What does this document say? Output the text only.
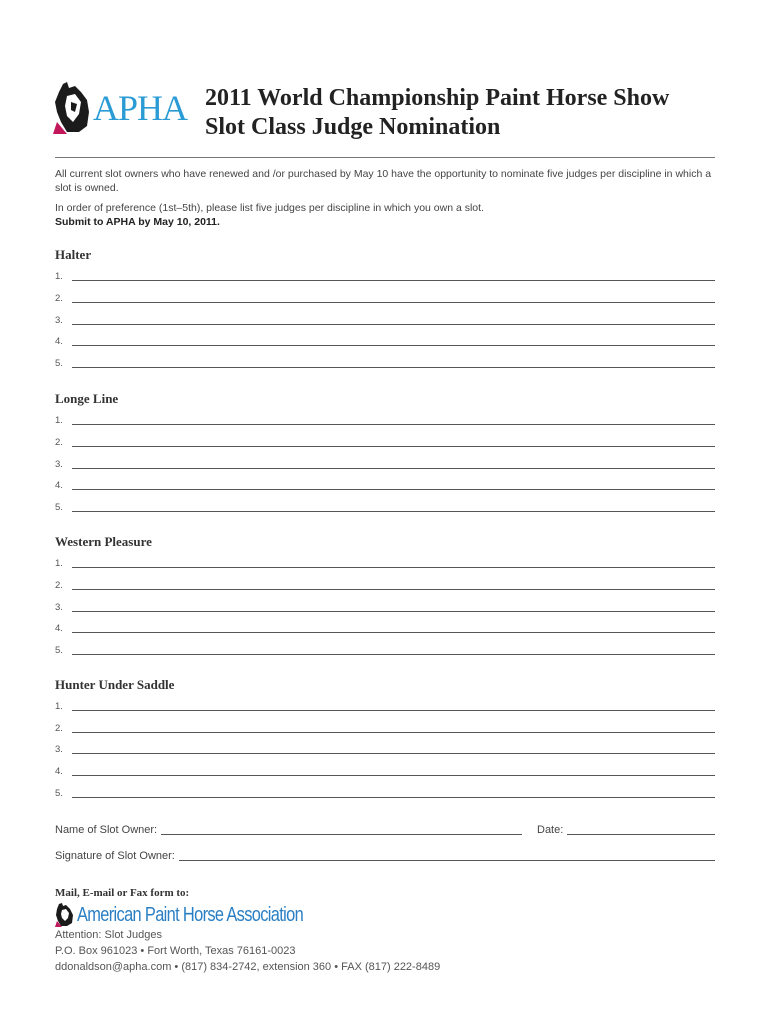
APHA 2011 World Championship Paint Horse Show
Slot Class Judge Nomination

All current slot owners who have renewed and /or purchased by May 10 have the opportunity to nominate five judges per discipline in which a slot is owned.

In order of preference (1st–5th), please list five judges per discipline in which you own a slot.

Submit to APHA by May 10, 2011.

Halter
1.
2.
3.
4.
5.
Longe Line
1.
2.
3.
4.
5.
Western Pleasure
1.
2.
3.
4.
5.
Hunter Under Saddle
1.
2.
3.
4.
5.
Name of Slot Owner:	Date:
Signature of Slot Owner:
Mail, E-mail or Fax form to:
American Paint Horse Association
Attention: Slot Judges
P.O. Box 961023 • Fort Worth, Texas 76161-0023
ddonaldson@apha.com • (817) 834-2742, extension 360 • FAX (817) 222-8489
